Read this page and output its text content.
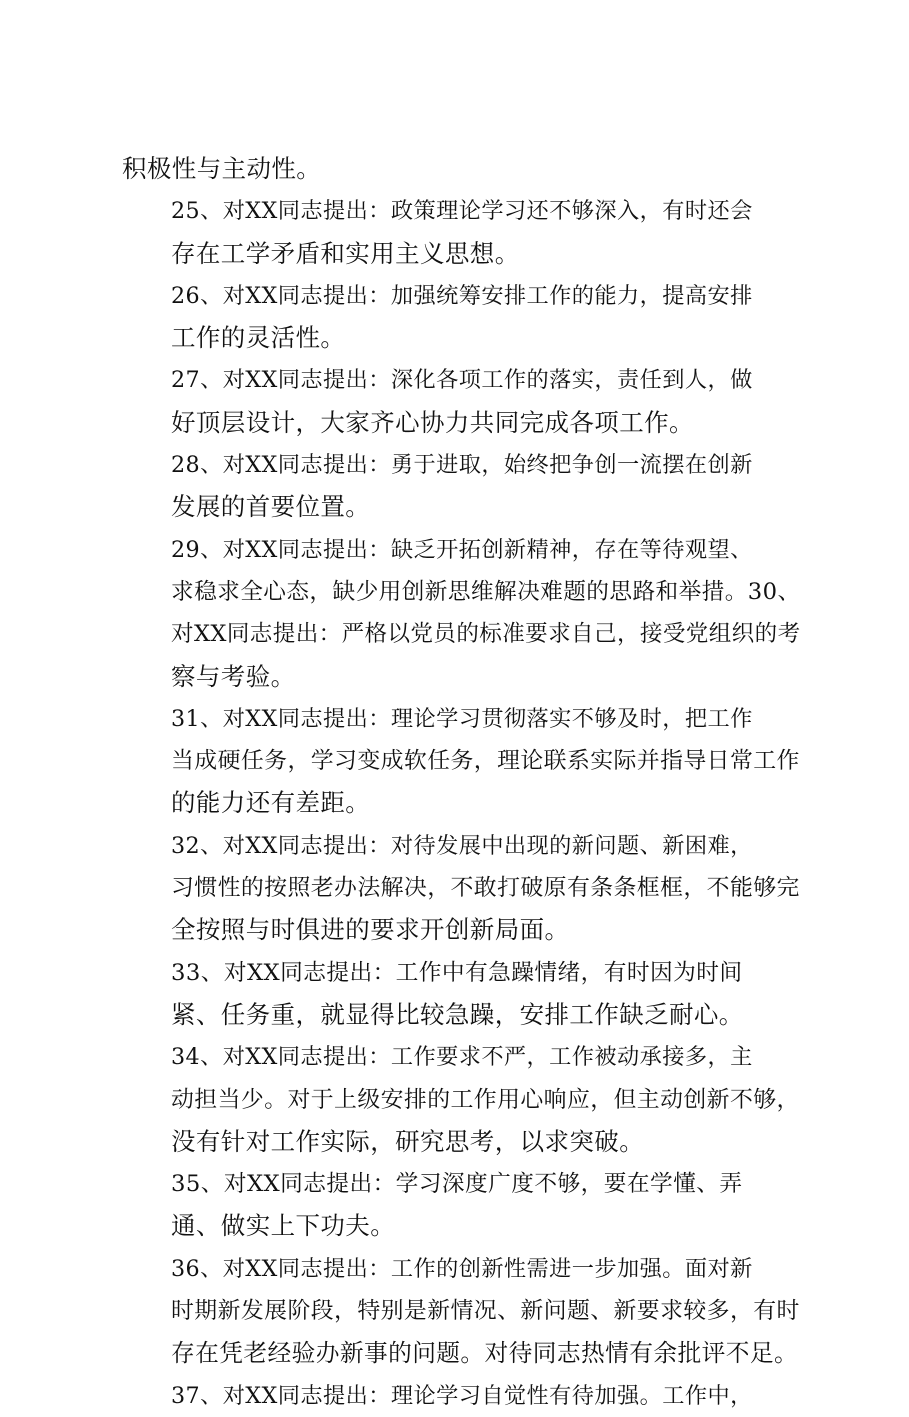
积极性与主动性。

25、对XX同志提出：政策理论学习还不够深入，有时还会
存在工学矛盾和实用主义思想。

26、对XX同志提出：加强统筹安排工作的能力，提高安排
工作的灵活性。

27、对XX同志提出：深化各项工作的落实，责任到人，做
好顶层设计，大家齐心协力共同完成各项工作。

28、对XX同志提出：勇于进取，始终把争创一流摆在创新
发展的首要位置。

29、对XX同志提出：缺乏开拓创新精神，存在等待观望、
求稳求全心态，缺少用创新思维解决难题的思路和举措。30、
对XX同志提出：严格以党员的标准要求自己，接受党组织的考
察与考验。

31、对XX同志提出：理论学习贯彻落实不够及时，把工作
当成硬任务，学习变成软任务，理论联系实际并指导日常工作
的能力还有差距。

32、对XX同志提出：对待发展中出现的新问题、新困难，
习惯性的按照老办法解决，不敢打破原有条条框框，不能够完
全按照与时俱进的要求开创新局面。

33、对XX同志提出：工作中有急躁情绪，有时因为时间
紧、任务重，就显得比较急躁，安排工作缺乏耐心。

34、对XX同志提出：工作要求不严，工作被动承接多，主
动担当少。对于上级安排的工作用心响应，但主动创新不够，
没有针对工作实际，研究思考，以求突破。

35、对XX同志提出：学习深度广度不够，要在学懂、弄
通、做实上下功夫。

36、对XX同志提出：工作的创新性需进一步加强。面对新
时期新发展阶段，特别是新情况、新问题、新要求较多，有时
存在凭老经验办新事的问题。对待同志热情有余批评不足。

37、对XX同志提出：理论学习自觉性有待加强。工作中，
